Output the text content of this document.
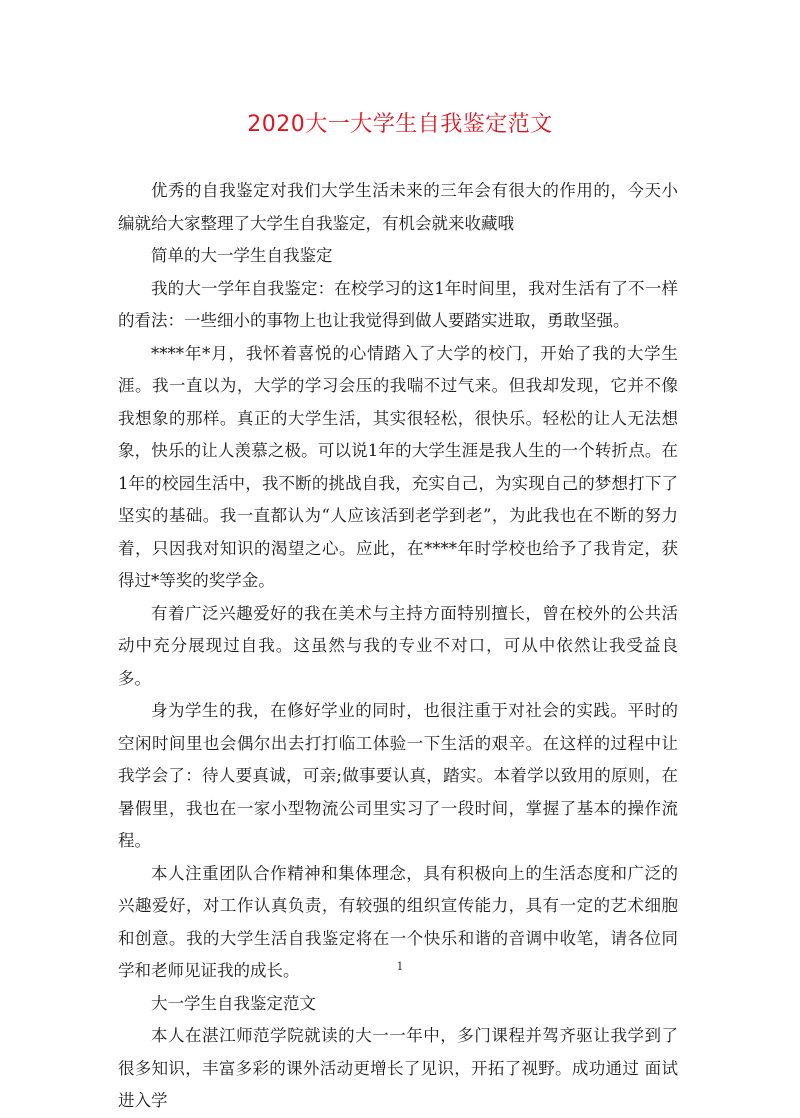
2020大一大学生自我鉴定范文

优秀的自我鉴定对我们大学生活未来的三年会有很大的作用的，今天小编就给大家整理了大学生自我鉴定，有机会就来收藏哦

简单的大一学生自我鉴定

我的大一学年自我鉴定：在校学习的这1年时间里，我对生活有了不一样的看法：一些细小的事物上也让我觉得到做人要踏实进取，勇敢坚强。

****年*月，我怀着喜悦的心情踏入了大学的校门，开始了我的大学生涯。我一直以为，大学的学习会压的我喘不过气来。但我却发现，它并不像我想象的那样。真正的大学生活，其实很轻松，很快乐。轻松的让人无法想象，快乐的让人羡慕之极。可以说1年的大学生涯是我人生的一个转折点。在1年的校园生活中，我不断的挑战自我，充实自己，为实现自己的梦想打下了坚实的基础。我一直都认为“人应该活到老学到老”，为此我也在不断的努力着，只因我对知识的渴望之心。应此，在****年时学校也给予了我肯定，获得过*等奖的奖学金。

有着广泛兴趣爱好的我在美术与主持方面特别擅长，曾在校外的公共活动中充分展现过自我。这虽然与我的专业不对口，可从中依然让我受益良多。

身为学生的我，在修好学业的同时，也很注重于对社会的实践。平时的空闲时间里也会偶尔出去打打临工体验一下生活的艰辛。在这样的过程中让我学会了：待人要真诚，可亲;做事要认真，踏实。本着学以致用的原则，在暑假里，我也在一家小型物流公司里实习了一段时间，掌握了基本的操作流程。

本人注重团队合作精神和集体理念，具有积极向上的生活态度和广泛的兴趣爱好，对工作认真负责，有较强的组织宣传能力，具有一定的艺术细胞和创意。我的大学生活自我鉴定将在一个快乐和谐的音调中收笔，请各位同学和老师见证我的成长。

大一学生自我鉴定范文

本人在湛江师范学院就读的大一一年中，多门课程并驾齐驱让我学到了很多知识，丰富多彩的课外活动更增长了见识，开拓了视野。成功通过 面试 进入学

1
